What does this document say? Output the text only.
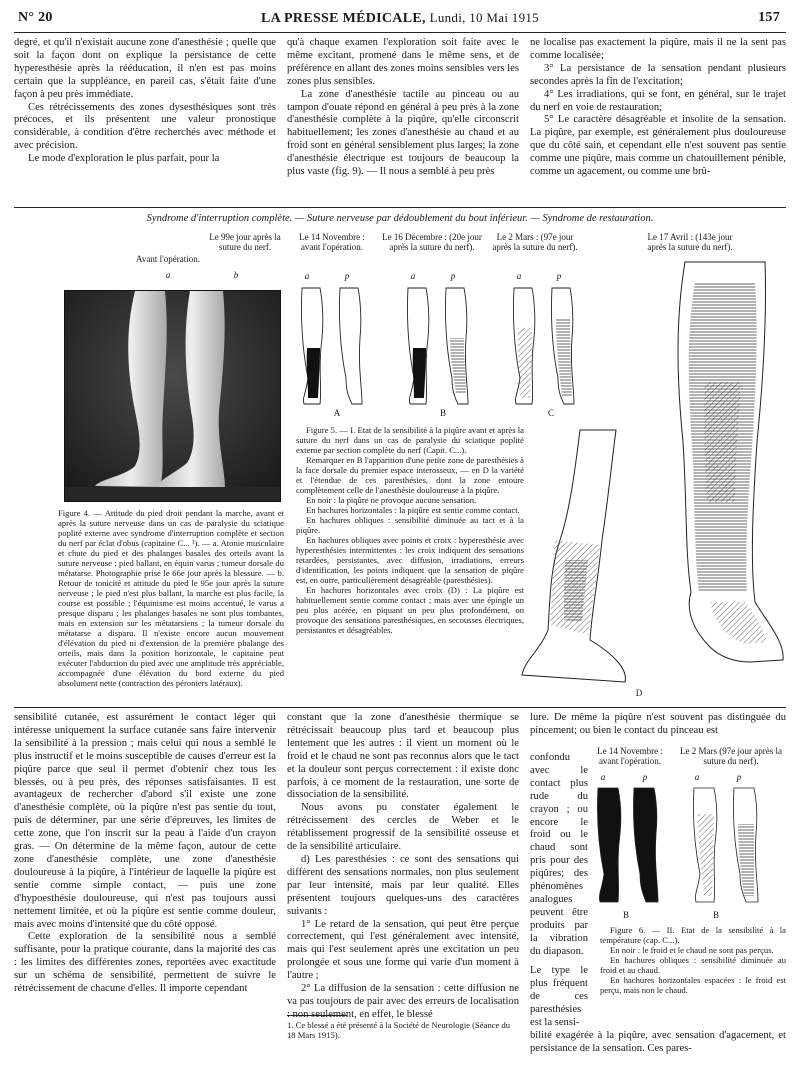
N° 20	LA PRESSE MÉDICALE, Lundi, 10 Mai 1915	157

degré, et qu'il n'existait aucune zone d'anesthésie ; quelle que soit la façon dont on explique la persistance de cette hyperesthésie après la rééducation, il n'en est pas moins certain que la suppléance, en pareil cas, s'était faite d'une façon à peu près immédiate.

Ces rétrécissements des zones dysesthésiques sont très précoces, et ils présentent une valeur pronostique considérable, à condition d'être recherchés avec méthode et avec précision.

Le mode d'exploration le plus parfait, pour la

qu'à chaque examen l'exploration soit faite avec le même excitant, promené dans le même sens, et de préférence en allant des zones moins sensibles vers les zones plus sensibles.

La zone d'anesthésie tactile au pinceau ou au tampon d'ouate répond en général à peu près à la zone d'anesthésie complète à la piqûre, qu'elle circonscrit habituellement; les zones d'anesthésie au chaud et au froid sont en général sensiblement plus larges; la zone d'anesthésie électrique est toujours de beaucoup la plus vaste (fig. 9). — Il nous a semblé à peu près

ne localise pas exactement la piqûre, mais il ne la sent pas comme localisée;

3° La persistance de la sensation pendant plusieurs secondes après la fin de l'excitation;

4° Les irradiations, qui se font, en général, sur le trajet du nerf en voie de restauration;

5° Le caractère désagréable et insolite de la sensation. La piqûre, par exemple, est généralement plus douloureuse que du côté sain, et cependant elle n'est souvent pas sentie comme une piqûre, mais comme un chatouillement pénible, comme un agacement, ou comme une brû-

Syndrome d'interruption complète. — Suture nerveuse par dédoublement du bout inférieur. — Syndrome de restauration.
Avant l'opération.
Le 99e jour après la suture du nerf.
a	b
Figure 4. — Attitude du pied droit pendant la marche, avant et après la suture nerveuse dans un cas de paralysie du sciatique poplité externe avec syndrome d'interruption complète et section du nerf par éclat d'obus (capitaine C... ¹). — a. Atonie musculaire et chute du pied et des phalanges basales des orteils avant la suture nerveuse ; pied ballant, en équin varus ; tumeur dorsale du métatarse. Photographie prise le 66e jour après la blessure. — b. Retour de tonicité et attitude du pied le 95e jour après la suture nerveuse ; le pied n'est plus ballant, la marche est plus facile, la course est possible ; l'équinisme est moins accentué, le varus a presque disparu ; les phalanges basales ne sont plus tombantes, mais en extension sur les métatarsiens ; la tumeur dorsale du métatarse a disparu. Il n'existe encore aucun mouvement d'élévation du pied ni d'extension de la première phalange des orteils, mais dans la position horizontale, le capitaine peut exécuter l'abduction du pied avec une amplitude très appréciable, accompagnée d'une élévation du bord externe du pied absolument nette (contraction des péroniers latéraux).
Le 14 Novembre : avant l'opération.
Le 16 Décembre : (20e jour après la suture du nerf).
Le 2 Mars : (97e jour après la suture du nerf).
Le 17 Avril : (143e jour après la suture du nerf).
a	p	a	p	a	p
A	B	C

Figure 5. — I. Etat de la sensibilité à la piqûre avant et après la suture du nerf dans un cas de paralysie du sciatique poplité externe par section complète du nerf (Capit. C...).

Remarquer en B l'apparition d'une petite zone de paresthésies à la face dorsale du premier espace interosseux, — en D la variété et l'étendue de ces paresthésies, dont la zone entoure complètement celle de l'anesthésie douloureuse à la piqûre.

En noir : la piqûre ne provoque aucune sensation.

En hachures horizontales : la piqûre est sentie comme contact.

En hachures obliques : sensibilité diminuée au tact et à la piqûre.

En hachures obliques avec points et croix : hyperesthésie avec hyperesthésies intermittentes : les croix indiquent des sensations retardées, persistantes, avec diffusion, irradiations, erreurs d'identification, les points indiquent que la sensation de piqûre est, en outre, particulièrement désagréable (paresthésies).

En hachures horizontales avec croix (D) : La piqûre est habituellement sentie comme contact ; mais avec une épingle un peu plus acérée, en piquant un peu plus profondément, on provoque des sensations paresthésiques, en secousses électriques, persistantes et désagréables.

D

sensibilité cutanée, est assurément le contact léger qui intéresse uniquement la surface cutanée sans faire intervenir la sensibilité à la pression ; mais celui qui nous a semblé le plus instructif et le moins susceptible de causes d'erreur est la piqûre parce que seul il permet d'obtenir chez tous les blessés, ou à peu près, des réponses satisfaisantes. Il est avantageux de rechercher d'abord s'il existe une zone d'anesthésie complète, où la piqûre n'est pas sentie du tout, puis de déterminer, par une série d'épreuves, les limites de cette zone, que l'on inscrit sur la peau à l'aide d'un crayon gras. — On détermine de la même façon, autour de cette zone d'anesthésie complète, une zone d'anesthésie douloureuse à la piqûre, à l'intérieur de laquelle la piqûre est sentie comme simple contact, — puis une zone d'hypoesthésie douloureuse, qui n'est pas toujours aussi nettement limitée, et où la piqûre est sentie comme douleur, mais avec moins d'intensité que du côté opposé.

Cette exploration de la sensibilité nous a semblé suffisante, pour la pratique courante, dans la majorité des cas : les limites des différentes zones, reportées avec exactitude sur un schéma de sensibilité, permettent de suivre le rétrécissement de chacune d'elles. Il importe cependant

constant que la zone d'anesthésie thermique se rétrécissait beaucoup plus tard et beaucoup plus lentement que les autres : il vient un moment où le froid et le chaud ne sont pas reconnus alors que le tact et la douleur sont perçus correctement : il existe donc parfois, à ce moment de la restauration, une sorte de dissociation de la sensibilité.

Nous avons pu constater également le rétrécissement des cercles de Weber et le rétablissement progressif de la sensibilité osseuse et de la sensibilité articulaire.

d) Les paresthésies : ce sont des sensations qui diffèrent des sensations normales, non plus seulement par leur intensité, mais par leur qualité. Elles présentent toujours quelques-uns des caractères suivants :

1° Le retard de la sensation, qui peut être perçue correctement, qui l'est généralement avec intensité, mais qui l'est seulement après une excitation un peu prolongée et sous une forme qui varie d'un moment à l'autre ;

2° La diffusion de la sensation : cette diffusion ne va pas toujours de pair avec des erreurs de localisation : non seulement, en effet, le blessé

lure. De même la piqûre n'est souvent pas distinguée du pincement; ou bien le contact du pinceau est
confondu avec le contact plus rude du crayon ; ou encore le froid ou le chaud sont pris pour des piqûres; des phénomènes analogues peuvent être produits par la vibration du diapason.
Le type le plus fréquent de ces paresthésies est la sensi-
bilité exagérée à la piqûre, avec sensation d'agacement, et persistance de la sensation. Ces pares-
Le 14 Novembre : avant l'opération.
Le 2 Mars (97e jour après la suture du nerf).
a	p	a	p
B	B

Figure 6. — II. Etat de la sensibilité à la température (cap. C...).

En noir : le froid et le chaud ne sont pas perçus.

En hachures obliques : sensibilité diminuée au froid et au chaud.

En hachures horizontales espacées : le froid est perçu, mais non le chaud.

1. Ce blessé a été présenté à la Société de Neurologie (Séance du 18 Mars 1915).
